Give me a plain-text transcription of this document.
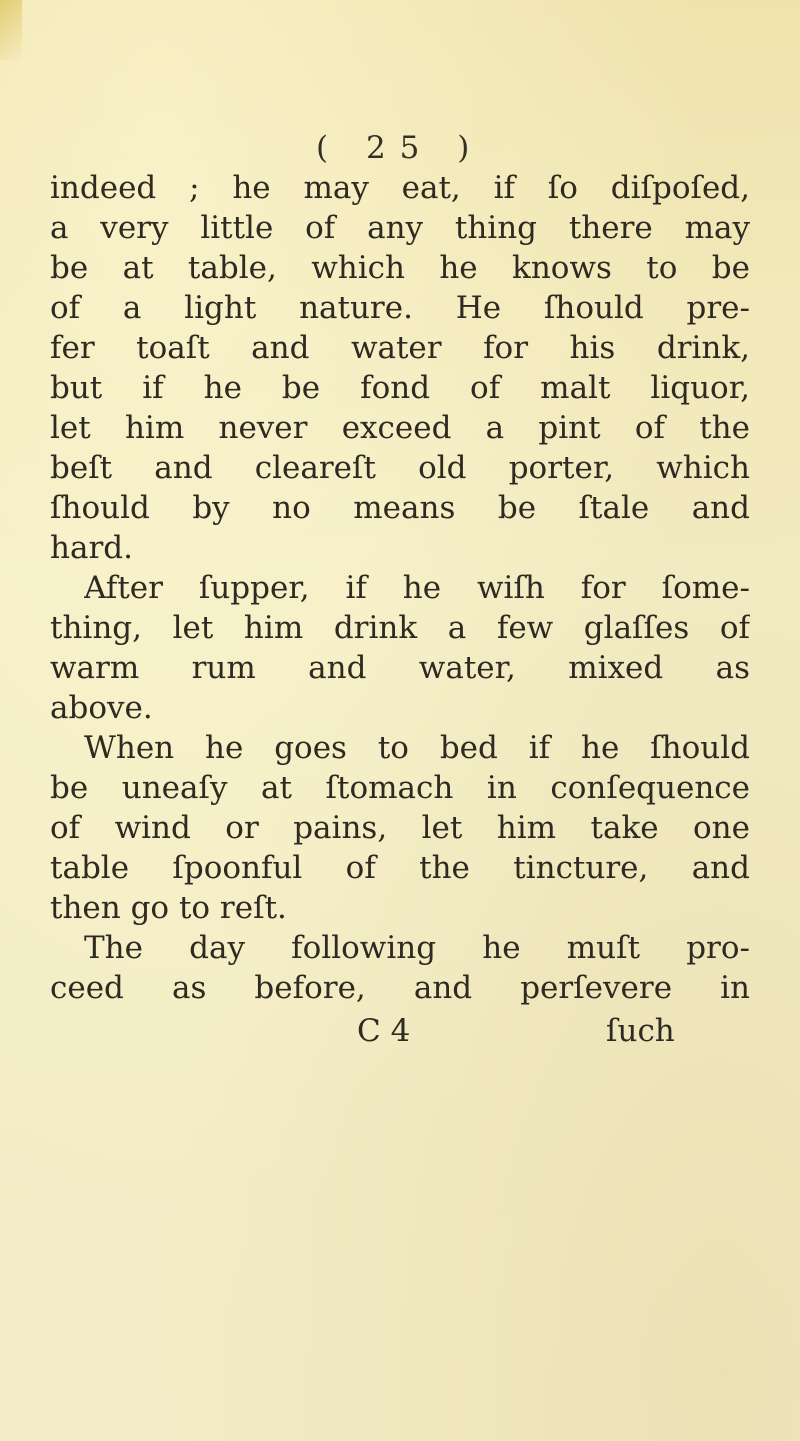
( 25 )
indeed ; he may eat, if ſo diſpoſed,
a very little of any thing there may
be at table, which he knows to be
of a light nature. He ſhould pre-
fer toaſt and water for his drink,
but if he be fond of malt liquor,
let him never exceed a pint of the
beſt and cleareſt old porter, which
ſhould by no means be ſtale and
hard.
After ſupper, if he wiſh for ſome-
thing, let him drink a few glaſſes of
warm rum and water, mixed as
above.
When he goes to bed if he ſhould
be uneaſy at ſtomach in conſequence
of wind or pains, let him take one
table ſpoonful of the tincture, and
then go to reſt.
The day following he muſt pro-
ceed as before, and perſevere in
C 4	ſuch
